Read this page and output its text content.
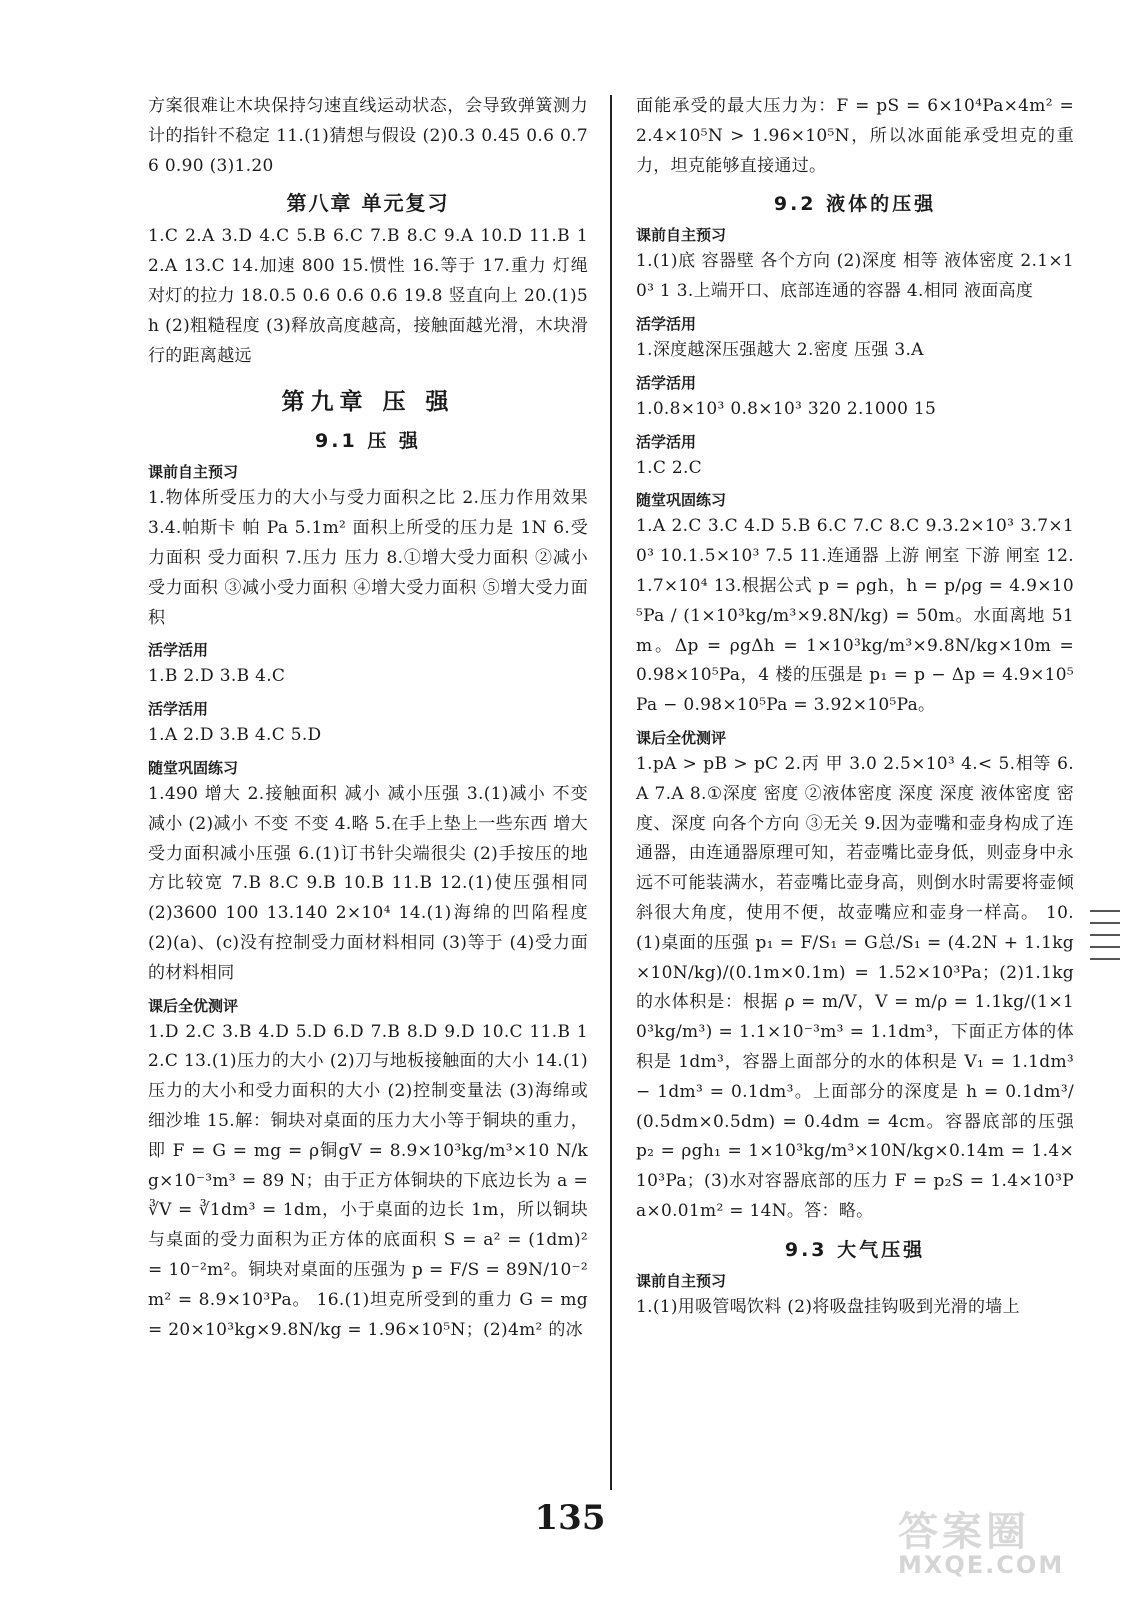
方案很难让木块保持匀速直线运动状态，会导致弹簧测力计的指针不稳定 11.(1)猜想与假设 (2)0.3 0.45 0.6 0.76 0.90 (3)1.20

第八章 单元复习

1.C 2.A 3.D 4.C 5.B 6.C 7.B 8.C 9.A 10.D 11.B 12.A 13.C 14.加速 800 15.惯性 16.等于 17.重力 灯绳对灯的拉力 18.0.5 0.6 0.6 0.6 19.8 竖直向上 20.(1)5h (2)粗糙程度 (3)释放高度越高，接触面越光滑，木块滑行的距离越远

第九章 压 强
9.1 压 强
课前自主预习

1.物体所受压力的大小与受力面积之比 2.压力作用效果 3.4.帕斯卡 帕 Pa 5.1m² 面积上所受的压力是 1N 6.受力面积 受力面积 7.压力 压力 8.①增大受力面积 ②减小受力面积 ③减小受力面积 ④增大受力面积 ⑤增大受力面积

活学活用

1.B 2.D 3.B 4.C

活学活用

1.A 2.D 3.B 4.C 5.D

随堂巩固练习

1.490 增大 2.接触面积 减小 减小压强 3.(1)减小 不变 减小 (2)减小 不变 不变 4.略 5.在手上垫上一些东西 增大受力面积减小压强 6.(1)订书针尖端很尖 (2)手按压的地方比较宽 7.B 8.C 9.B 10.B 11.B 12.(1)使压强相同 (2)3600 100 13.140 2×10⁴ 14.(1)海绵的凹陷程度 (2)(a)、(c)没有控制受力面材料相同 (3)等于 (4)受力面的材料相同

课后全优测评

1.D 2.C 3.B 4.D 5.D 6.D 7.B 8.D 9.D 10.C 11.B 12.C 13.(1)压力的大小 (2)刀与地板接触面的大小 14.(1)压力的大小和受力面积的大小 (2)控制变量法 (3)海绵或细沙堆 15.解：铜块对桌面的压力大小等于铜块的重力，即 F = G = mg = ρ铜gV = 8.9×10³kg/m³×10 N/kg×10⁻³m³ = 89 N；由于正方体铜块的下底边长为 a = ∛V = ∛1dm³ = 1dm，小于桌面的边长 1m，所以铜块与桌面的受力面积为正方体的底面积 S = a² = (1dm)² = 10⁻²m²。铜块对桌面的压强为 p = F/S = 89N/10⁻²m² = 8.9×10³Pa。 16.(1)坦克所受到的重力 G = mg = 20×10³kg×9.8N/kg = 1.96×10⁵N；(2)4m² 的冰

面能承受的最大压力为：F = pS = 6×10⁴Pa×4m² = 2.4×10⁵N > 1.96×10⁵N，所以冰面能承受坦克的重力，坦克能够直接通过。

9.2 液体的压强
课前自主预习

1.(1)底 容器壁 各个方向 (2)深度 相等 液体密度 2.1×10³ 1 3.上端开口、底部连通的容器 4.相同 液面高度

活学活用

1.深度越深压强越大 2.密度 压强 3.A

活学活用

1.0.8×10³ 0.8×10³ 320 2.1000 15

活学活用

1.C 2.C

随堂巩固练习

1.A 2.C 3.C 4.D 5.B 6.C 7.C 8.C 9.3.2×10³ 3.7×10³ 10.1.5×10³ 7.5 11.连通器 上游 闸室 下游 闸室 12.1.7×10⁴ 13.根据公式 p = ρgh，h = p/ρg = 4.9×10⁵Pa / (1×10³kg/m³×9.8N/kg) = 50m。水面离地 51m。Δp = ρgΔh = 1×10³kg/m³×9.8N/kg×10m = 0.98×10⁵Pa，4 楼的压强是 p₁ = p − Δp = 4.9×10⁵Pa − 0.98×10⁵Pa = 3.92×10⁵Pa。

课后全优测评

1.pA > pB > pC 2.丙 甲 3.0 2.5×10³ 4.< 5.相等 6.A 7.A 8.①深度 密度 ②液体密度 深度 深度 液体密度 密度、深度 向各个方向 ③无关 9.因为壶嘴和壶身构成了连通器，由连通器原理可知，若壶嘴比壶身低，则壶身中永远不可能装满水，若壶嘴比壶身高，则倒水时需要将壶倾斜很大角度，使用不便，故壶嘴应和壶身一样高。 10.(1)桌面的压强 p₁ = F/S₁ = G总/S₁ = (4.2N + 1.1kg×10N/kg)/(0.1m×0.1m) = 1.52×10³Pa；(2)1.1kg 的水体积是：根据 ρ = m/V，V = m/ρ = 1.1kg/(1×10³kg/m³) = 1.1×10⁻³m³ = 1.1dm³，下面正方体的体积是 1dm³，容器上面部分的水的体积是 V₁ = 1.1dm³ − 1dm³ = 0.1dm³。上面部分的深度是 h = 0.1dm³/(0.5dm×0.5dm) = 0.4dm = 4cm。容器底部的压强 p₂ = ρgh₁ = 1×10³kg/m³×10N/kg×0.14m = 1.4×10³Pa；(3)水对容器底部的压力 F = p₂S = 1.4×10³Pa×0.01m² = 14N。答：略。

9.3 大气压强
课前自主预习

1.(1)用吸管喝饮料 (2)将吸盘挂钩吸到光滑的墙上

135	答案圈
MXQE.COM
